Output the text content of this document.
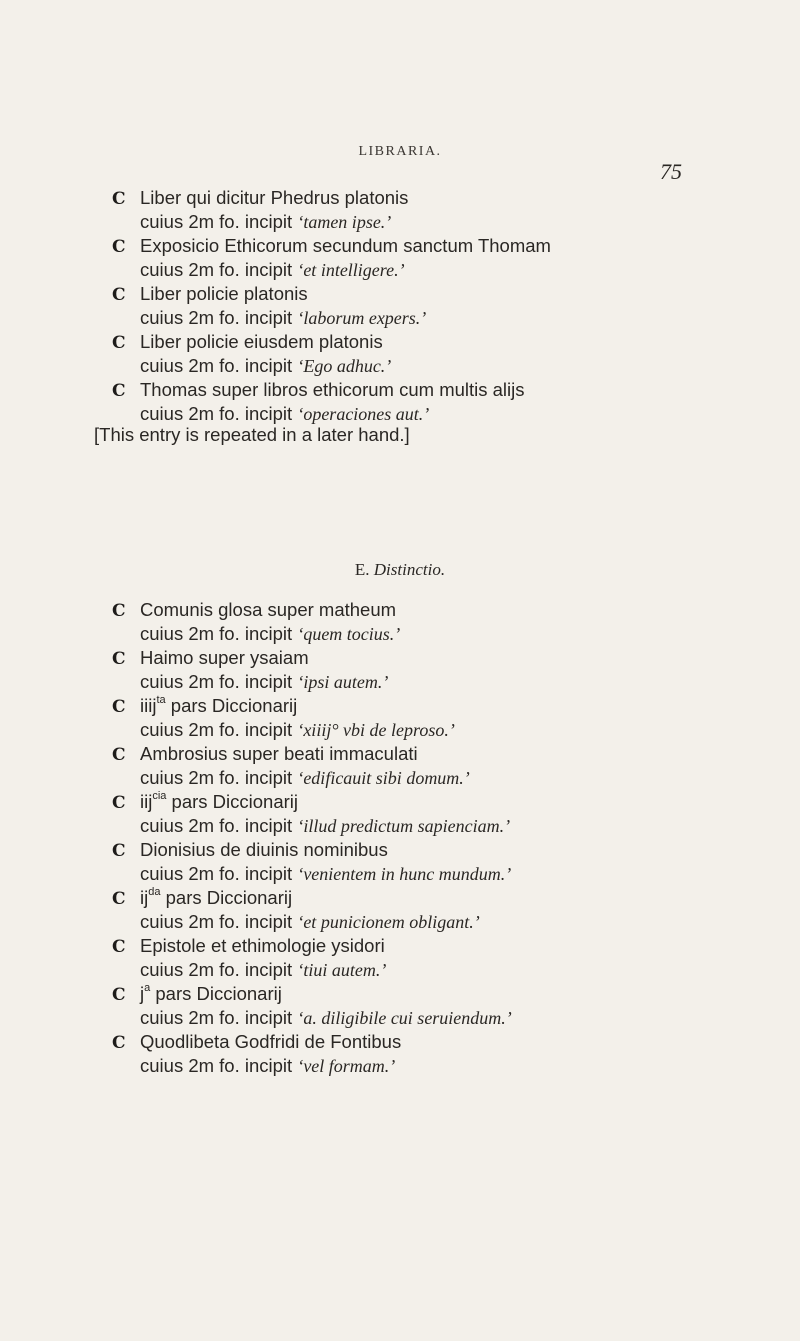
LIBRARIA.
75
Ⅽ Liber qui dicitur Phedrus platonis
cuius 2m fo. incipit ‘tamen ipse.’
Ⅽ Exposicio Ethicorum secundum sanctum Thomam
cuius 2m fo. incipit ‘et intelligere.’
Ⅽ Liber policie platonis
cuius 2m fo. incipit ‘laborum expers.’
Ⅽ Liber policie eiusdem platonis
cuius 2m fo. incipit ‘Ego adhuc.’
Ⅽ Thomas super libros ethicorum cum multis alijs
cuius 2m fo. incipit ‘operaciones aut.’
[This entry is repeated in a later hand.]
E. Distinctio.
Ⅽ Comunis glosa super matheum
cuius 2m fo. incipit ‘quem tocius.’
Ⅽ Haimo super ysaiam
cuius 2m fo. incipit ‘ipsi autem.’
Ⅽ iiij$^{ta}$ pars Diccionarij
cuius 2m fo. incipit ‘xiiij° vbi de leproso.’
Ⅽ Ambrosius super beati immaculati
cuius 2m fo. incipit ‘edificauit sibi domum.’
Ⅽ iij$^{cia}$ pars Diccionarij
cuius 2m fo. incipit ‘illud predictum sapienciam.’
Ⅽ Dionisius de diuinis nominibus
cuius 2m fo. incipit ‘venientem in hunc mundum.’
Ⅽ $ij^{da}$ pars Diccionarij
cuius 2m fo. incipit ‘et punicionem obligant.’
Ⅽ Epistole et ethimologie ysidori
cuius 2m fo. incipit ‘tiui autem.’
Ⅽ $j^a$ pars Diccionarij
cuius 2m fo. incipit ‘a. diligibile cui seruiendum.’
Ⅽ Quodlibeta Godfridi de Fontibus
cuius 2m fo. incipit ‘vel formam.’
